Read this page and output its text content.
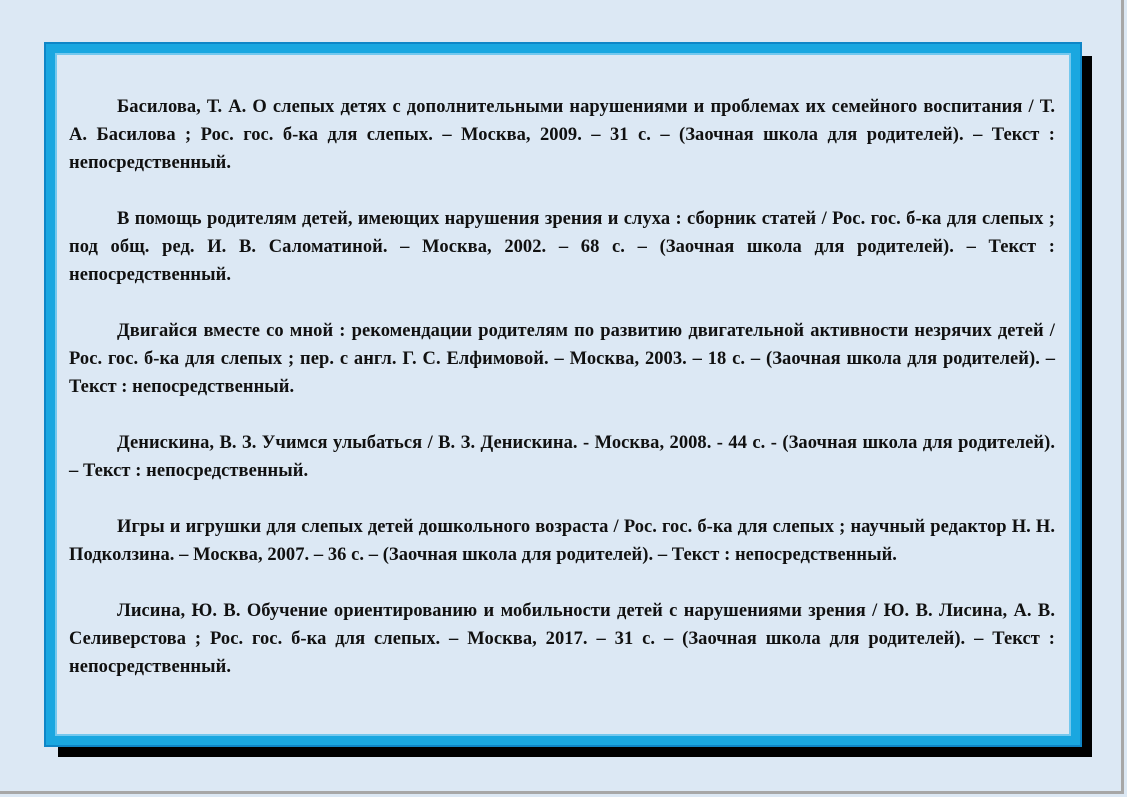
Басилова, Т. А. О слепых детях с дополнительными нарушениями и проблемах их семейного воспитания / Т. А. Басилова ; Рос. гос. б-ка для слепых. – Москва, 2009. – 31 с. – (Заочная школа для родителей). – Текст : непосредственный.

В помощь родителям детей, имеющих нарушения зрения и слуха : сборник статей / Рос. гос. б-ка для слепых ; под общ. ред. И. В. Саломатиной. – Москва, 2002. – 68 с. – (Заочная школа для родителей). – Текст : непосредственный.

Двигайся вместе со мной : рекомендации родителям по развитию двигательной активности незрячих детей / Рос. гос. б-ка для слепых ; пер. с англ. Г. С. Елфимовой. – Москва, 2003. – 18 с. – (Заочная школа для родителей). – Текст : непосредственный.

Денискина, В. З. Учимся улыбаться / В. З. Денискина. - Москва, 2008. - 44 с. - (Заочная школа для родителей). – Текст : непосредственный.

Игры и игрушки для слепых детей дошкольного возраста / Рос. гос. б-ка для слепых ; научный редактор Н. Н. Подколзина. – Москва, 2007. – 36 с. – (Заочная школа для родителей). – Текст : непосредственный.

Лисина, Ю. В. Обучение ориентированию и мобильности детей с нарушениями зрения / Ю. В. Лисина, А. В. Селиверстова ; Рос. гос. б-ка для слепых. – Москва, 2017. – 31 с. – (Заочная школа для родителей). – Текст : непосредственный.
